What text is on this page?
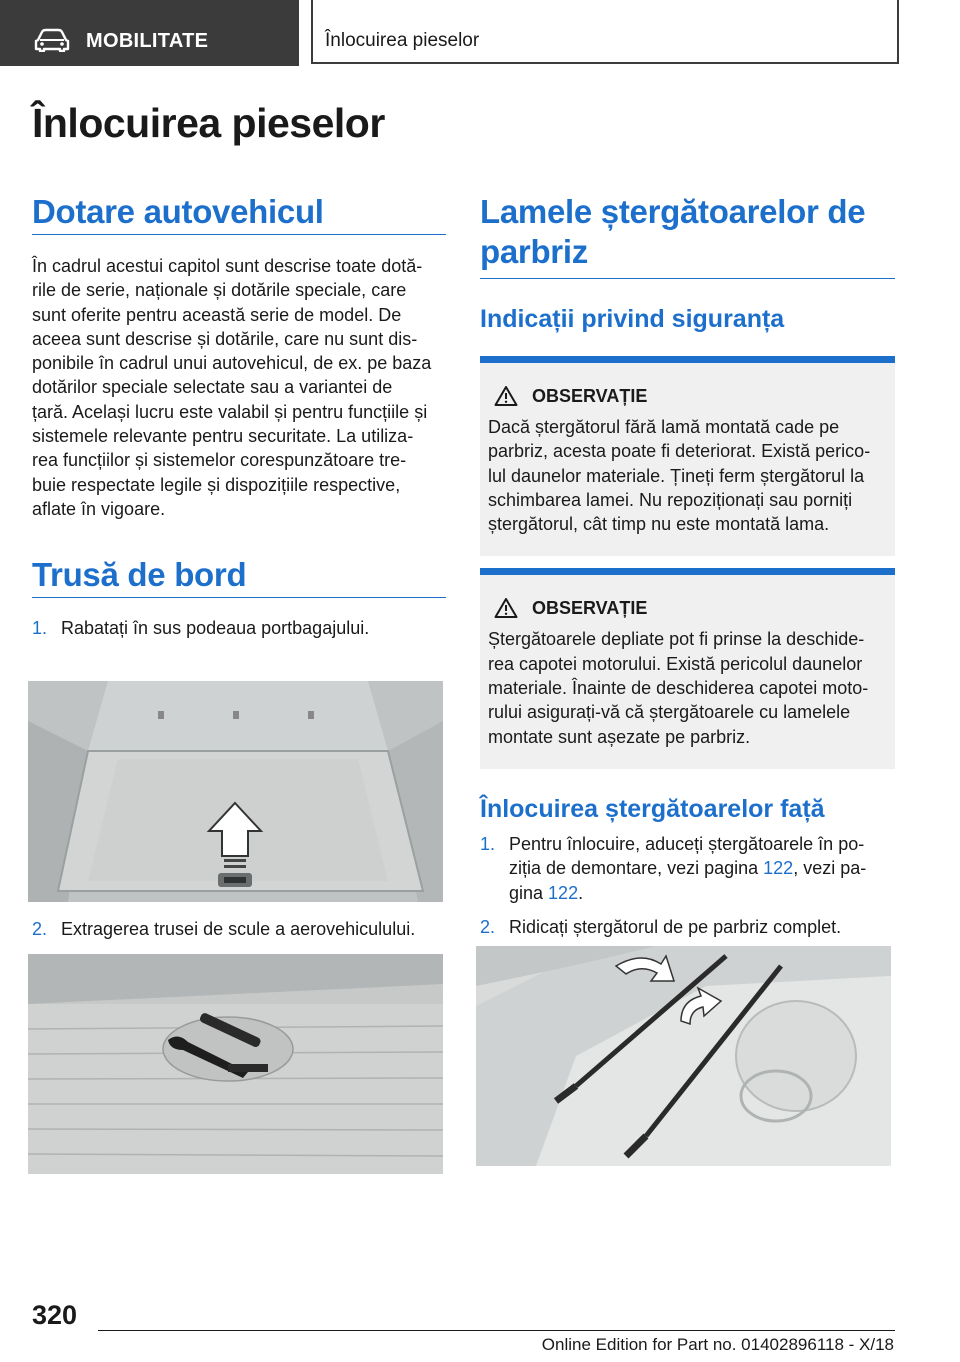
MOBILITATE	Înlocuirea pieselor
Înlocuirea pieselor
Dotare autovehicul
În cadrul acestui capitol sunt descrise toate dotă-
rile de serie, naționale și dotările speciale, care
sunt oferite pentru această serie de model. De
aceea sunt descrise și dotările, care nu sunt dis-
ponibile în cadrul unui autovehicul, de ex. pe baza
dotărilor speciale selectate sau a variantei de
țară. Același lucru este valabil și pentru funcțiile și
sistemele relevante pentru securitate. La utiliza-
rea funcțiilor și sistemelor corespunzătoare tre-
buie respectate legile și dispozițiile respective,
aflate în vigoare.
Trusă de bord
1. Rabatați în sus podeaua portbagajului.
2. Extragerea trusei de scule a aerovehiculului.
Lamele ștergătoarelor de parbriz
Indicații privind siguranța
OBSERVAȚIE
Dacă ștergătorul fără lamă montată cade pe
parbriz, acesta poate fi deteriorat. Există perico-
lul daunelor materiale. Țineți ferm ștergătorul la
schimbarea lamei. Nu repoziționați sau porniți
ștergătorul, cât timp nu este montată lama.
OBSERVAȚIE
Ștergătoarele depliate pot fi prinse la deschide-
rea capotei motorului. Există pericolul daunelor
materiale. Înainte de deschiderea capotei moto-
rului asigurați-vă că ștergătoarele cu lamelele
montate sunt așezate pe parbriz.
Înlocuirea ștergătoarelor față
1. Pentru înlocuire, aduceți ștergătoarele în po-
ziția de demontare, vezi pagina 122, vezi pa-
gina 122.
2. Ridicați ștergătorul de pe parbriz complet.
320
Online Edition for Part no. 01402896118 - X/18
